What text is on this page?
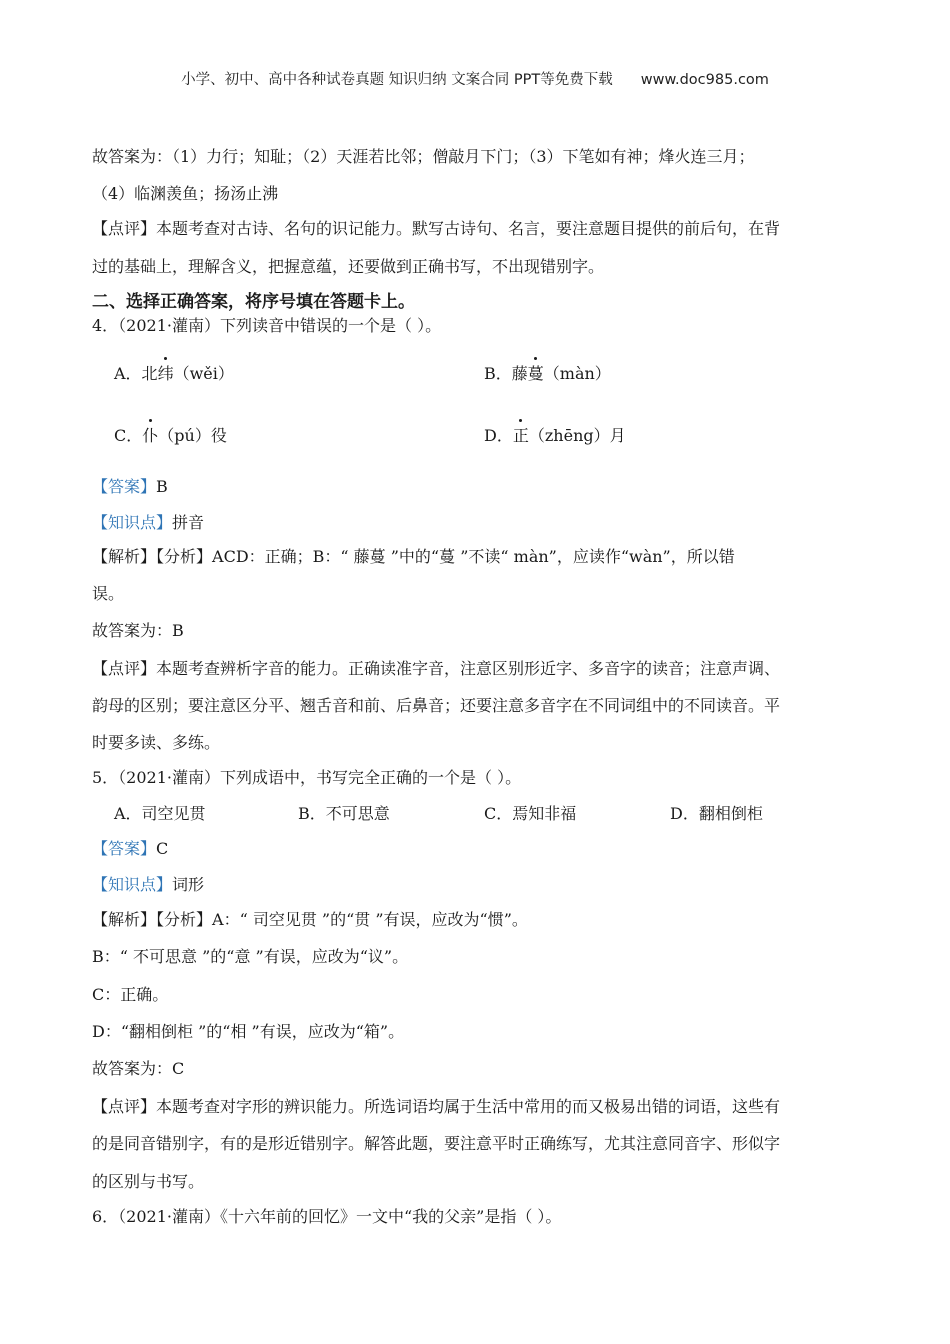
小学、初中、高中各种试卷真题 知识归纳 文案合同 PPT等免费下载 www.doc985.com
故答案为：（1）力行；知耻；（2）天涯若比邻；僧敲月下门；（3）下笔如有神；烽火连三月；
（4）临渊羡鱼；扬汤止沸
【点评】本题考查对古诗、名句的识记能力。默写古诗句、名言，要注意题目提供的前后句，在背
过的基础上，理解含义，把握意蕴，还要做到正确书写，不出现错别字。
二、选择正确答案，将序号填在答题卡上。
4．（2021·灌南）下列读音中错误的一个是（ ）。
A．北纬（wěi）	B．藤蔓（màn）
C．仆（pú）役	D．正（zhēng）月
【答案】B
【知识点】拼音
【解析】【分析】ACD：正确；B：“ 藤蔓 ”中的“蔓 ”不读“ màn”，应读作“wàn”，所以错
误。
故答案为：B
【点评】本题考查辨析字音的能力。正确读准字音，注意区别形近字、多音字的读音；注意声调、
韵母的区别；要注意区分平、翘舌音和前、后鼻音；还要注意多音字在不同词组中的不同读音。平
时要多读、多练。
5．（2021·灌南）下列成语中，书写完全正确的一个是（ ）。
A．司空见贯	B．不可思意	C．焉知非福	D．翻相倒柜
【答案】C
【知识点】词形
【解析】【分析】A：“ 司空见贯 ”的“贯 ”有误，应改为“惯”。
B：“ 不可思意 ”的“意 ”有误，应改为“议”。
C：正确。
D：“翻相倒柜 ”的“相 ”有误，应改为“箱”。
故答案为：C
【点评】本题考查对字形的辨识能力。所选词语均属于生活中常用的而又极易出错的词语，这些有
的是同音错别字，有的是形近错别字。解答此题，要注意平时正确练写，尤其注意同音字、形似字
的区别与书写。
6．（2021·灌南）《十六年前的回忆》一文中“我的父亲”是指（ ）。
